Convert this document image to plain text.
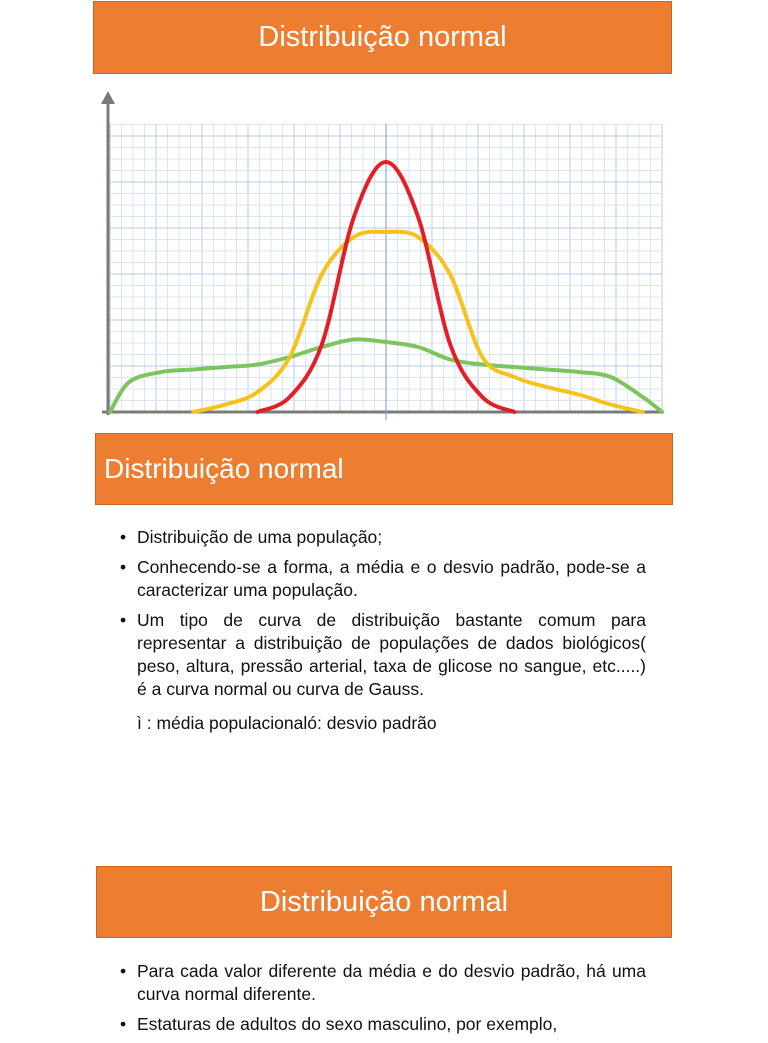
Distribuição normal
Distribuição normal
• Distribuição de uma população;
• Conhecendo-se a forma, a média e o desvio padrão, pode-se a caracterizar uma população.
• Um tipo de curva de distribuição bastante comum para representar a distribuição de populações de dados biológicos( peso, altura, pressão arterial, taxa de glicose no sangue, etc.....) é a curva normal ou curva de Gauss.
ì : média populacionaló: desvio padrão
Distribuição normal
• Para cada valor diferente da média e do desvio padrão, há uma curva normal diferente.
• Estaturas de adultos do sexo masculino, por exemplo,
